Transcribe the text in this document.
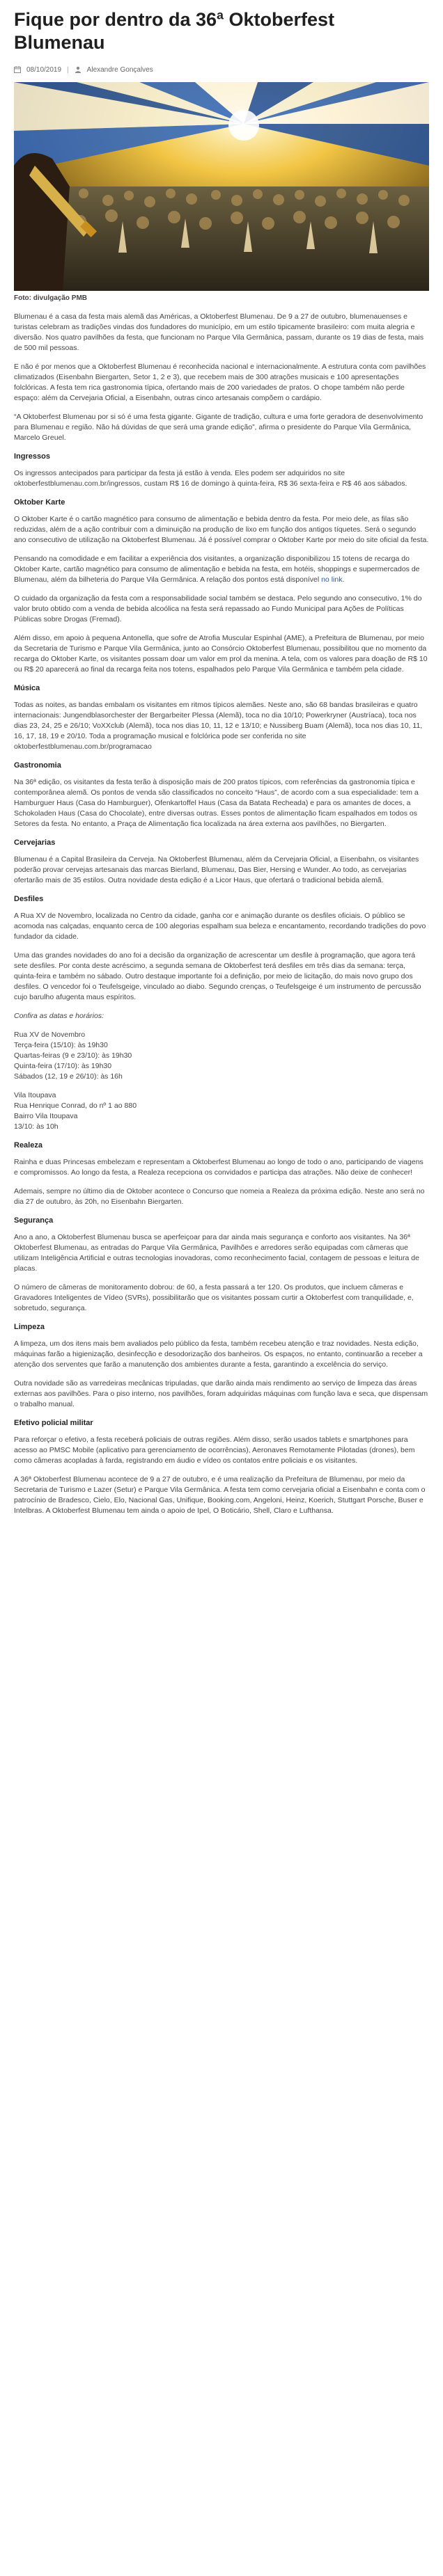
Fique por dentro da 36ª Oktoberfest Blumenau
08/10/2019 |	Alexandre Gonçalves
Foto: divulgação PMB

Blumenau é a casa da festa mais alemã das Américas, a Oktoberfest Blumenau. De 9 a 27 de outubro, blumenauenses e turistas celebram as tradições vindas dos fundadores do município, em um estilo tipicamente brasileiro: com muita alegria e diversão. Nos quatro pavilhões da festa, que funcionam no Parque Vila Germânica, passam, durante os 19 dias de festa, mais de 500 mil pessoas.

E não é por menos que a Oktoberfest Blumenau é reconhecida nacional e internacionalmente. A estrutura conta com pavilhões climatizados (Eisenbahn Biergarten, Setor 1, 2 e 3), que recebem mais de 300 atrações musicais e 100 apresentações folclóricas. A festa tem rica gastronomia típica, ofertando mais de 200 variedades de pratos. O chope também não perde espaço: além da Cervejaria Oficial, a Eisenbahn, outras cinco artesanais compõem o cardápio.

“A Oktoberfest Blumenau por si só é uma festa gigante. Gigante de tradição, cultura e uma forte geradora de desenvolvimento para Blumenau e região. Não há dúvidas de que será uma grande edição”, afirma o presidente do Parque Vila Germânica, Marcelo Greuel.

Ingressos

Os ingressos antecipados para participar da festa já estão à venda. Eles podem ser adquiridos no site oktoberfestblumenau.com.br/ingressos, custam R$ 16 de domingo à quinta-feira, R$ 36 sexta-feira e R$ 46 aos sábados.

Oktober Karte

O Oktober Karte é o cartão magnético para consumo de alimentação e bebida dentro da festa. Por meio dele, as filas são reduzidas, além de a ação contribuir com a diminuição na produção de lixo em função dos antigos tíquetes. Será o segundo ano consecutivo de utilização na Oktoberfest Blumenau. Já é possível comprar o Oktober Karte por meio do site oficial da festa.

Pensando na comodidade e em facilitar a experiência dos visitantes, a organização disponibilizou 15 totens de recarga do Oktober Karte, cartão magnético para consumo de alimentação e bebida na festa, em hotéis, shoppings e supermercados de Blumenau, além da bilheteria do Parque Vila Germânica. A relação dos pontos está disponível no link.

O cuidado da organização da festa com a responsabilidade social também se destaca. Pelo segundo ano consecutivo, 1% do valor bruto obtido com a venda de bebida alcoólica na festa será repassado ao Fundo Municipal para Ações de Políticas Públicas sobre Drogas (Fremad).

Além disso, em apoio à pequena Antonella, que sofre de Atrofia Muscular Espinhal (AME), a Prefeitura de Blumenau, por meio da Secretaria de Turismo e Parque Vila Germânica, junto ao Consórcio Oktoberfest Blumenau, possibilitou que no momento da recarga do Oktober Karte, os visitantes possam doar um valor em prol da menina. A tela, com os valores para doação de R$ 10 ou R$ 20 aparecerá ao final da recarga feita nos totens, espalhados pelo Parque Vila Germânica e também pela cidade.

Música

Todas as noites, as bandas embalam os visitantes em ritmos típicos alemães. Neste ano, são 68 bandas brasileiras e quatro internacionais: Jungendblasorchester der Bergarbeiter Plessa (Alemã), toca no dia 10/10; Powerkryner (Austríaca), toca nos dias 23, 24, 25 e 26/10; VoXXclub (Alemã), toca nos dias 10, 11, 12 e 13/10; e Nussiberg Buam (Alemã), toca nos dias 10, 11, 16, 17, 18, 19 e 20/10. Toda a programação musical e folclórica pode ser conferida no site oktoberfestblumenau.com.br/programacao

Gastronomia

Na 36ª edição, os visitantes da festa terão à disposição mais de 200 pratos típicos, com referências da gastronomia típica e contemporânea alemã. Os pontos de venda são classificados no conceito “Haus”, de acordo com a sua especialidade: tem a Hamburguer Haus (Casa do Hamburguer), Ofenkartoffel Haus (Casa da Batata Recheada) e para os amantes de doces, a Schokoladen Haus (Casa do Chocolate), entre diversas outras. Esses pontos de alimentação ficam espalhados em todos os Setores da festa. No entanto, a Praça de Alimentação fica localizada na área externa aos pavilhões, no Biergarten.

Cervejarias

Blumenau é a Capital Brasileira da Cerveja. Na Oktoberfest Blumenau, além da Cervejaria Oficial, a Eisenbahn, os visitantes poderão provar cervejas artesanais das marcas Bierland, Blumenau, Das Bier, Hersing e Wunder. Ao todo, as cervejarias ofertarão mais de 35 estilos. Outra novidade desta edição é a Licor Haus, que ofertará o tradicional bebida alemã.

Desfiles

A Rua XV de Novembro, localizada no Centro da cidade, ganha cor e animação durante os desfiles oficiais. O público se acomoda nas calçadas, enquanto cerca de 100 alegorias espalham sua beleza e encantamento, recordando tradições do povo fundador da cidade.

Uma das grandes novidades do ano foi a decisão da organização de acrescentar um desfile à programação, que agora terá sete desfiles. Por conta deste acréscimo, a segunda semana de Oktoberfest terá desfiles em três dias da semana: terça, quinta-feira e também no sábado. Outro destaque importante foi a definição, por meio de licitação, do mais novo grupo dos desfiles. O vencedor foi o Teufelsgeige, vinculado ao diabo. Segundo crenças, o Teufelsgeige é um instrumento de percussão cujo barulho afugenta maus espíritos.

Confira as datas e horários:

Rua XV de Novembro

Terça-feira (15/10): às 19h30

Quartas-feiras (9 e 23/10): às 19h30

Quinta-feira (17/10): às 19h30

Sábados (12, 19 e 26/10): às 16h

Vila Itoupava

Rua Henrique Conrad, do nº 1 ao 880

Bairro Vila Itoupava

13/10: às 10h

Realeza

Rainha e duas Princesas embelezam e representam a Oktoberfest Blumenau ao longo de todo o ano, participando de viagens e compromissos. Ao longo da festa, a Realeza recepciona os convidados e participa das atrações. Não deixe de conhecer!

Ademais, sempre no último dia de Oktober acontece o Concurso que nomeia a Realeza da próxima edição. Neste ano será no dia 27 de outubro, às 20h, no Eisenbahn Biergarten.

Segurança

Ano a ano, a Oktoberfest Blumenau busca se aperfeiçoar para dar ainda mais segurança e conforto aos visitantes. Na 36ª Oktoberfest Blumenau, as entradas do Parque Vila Germânica, Pavilhões e arredores serão equipadas com câmeras que utilizam Inteligência Artificial e outras tecnologias inovadoras, como reconhecimento facial, contagem de pessoas e leitura de placas.

O número de câmeras de monitoramento dobrou: de 60, a festa passará a ter 120. Os produtos, que incluem câmeras e Gravadores Inteligentes de Vídeo (SVRs), possibilitarão que os visitantes possam curtir a Oktoberfest com tranquilidade, e, sobretudo, segurança.

Limpeza

A limpeza, um dos itens mais bem avaliados pelo público da festa, também recebeu atenção e traz novidades. Nesta edição, máquinas farão a higienização, desinfecção e desodorização dos banheiros. Os espaços, no entanto, continuarão a receber a atenção dos serventes que farão a manutenção dos ambientes durante a festa, garantindo a excelência do serviço.

Outra novidade são as varredeiras mecânicas tripuladas, que darão ainda mais rendimento ao serviço de limpeza das áreas externas aos pavilhões. Para o piso interno, nos pavilhões, foram adquiridas máquinas com função lava e seca, que dispensam o trabalho manual.

Efetivo policial militar

Para reforçar o efetivo, a festa receberá policiais de outras regiões. Além disso, serão usados tablets e smartphones para acesso ao PMSC Mobile (aplicativo para gerenciamento de ocorrências), Aeronaves Remotamente Pilotadas (drones), bem como câmeras acopladas à farda, registrando em áudio e vídeo os contatos entre policiais e os visitantes.

A 36ª Oktoberfest Blumenau acontece de 9 a 27 de outubro, e é uma realização da Prefeitura de Blumenau, por meio da Secretaria de Turismo e Lazer (Setur) e Parque Vila Germânica. A festa tem como cervejaria oficial a Eisenbahn e conta com o patrocínio de Bradesco, Cielo, Elo, Nacional Gas, Unifique, Booking.com, Angeloni, Heinz, Koerich, Stuttgart Porsche, Buser e Intelbras. A Oktoberfest Blumenau tem ainda o apoio de Ipel, O Boticário, Shell, Claro e Lufthansa.
